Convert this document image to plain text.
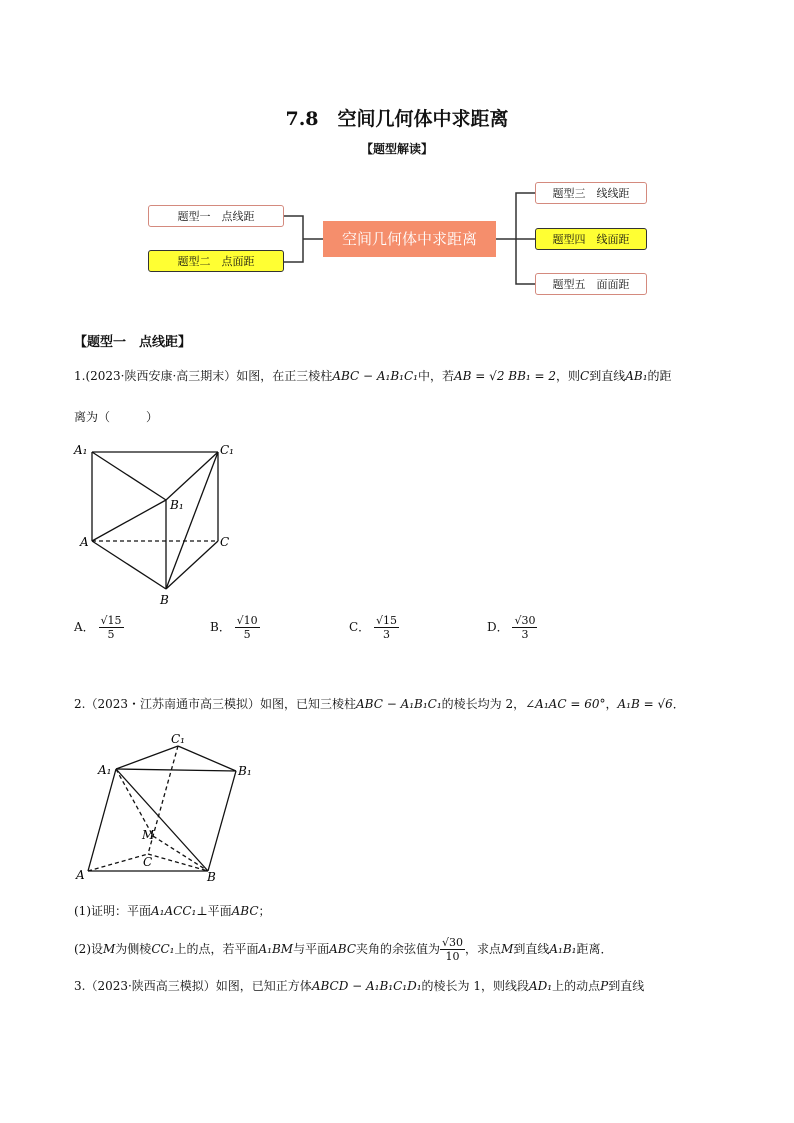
7.8　空间几何体中求距离
【题型解读】
题型一　点线距
题型二　点面距
空间几何体中求距离
题型三　线线距
题型四　线面距
题型五　面面距
【题型一　点线距】
1.(2023·陕西安康·高三期末）如图，在正三棱柱ABC − A₁B₁C₁中，若AB = √2 BB₁ = 2，则C到直线AB₁的距
离为（　　　）
A₁	C₁
B₁
A	C
B
A． $\frac{√15}{5}$	B． $\frac{√10}{5}$	C． $\frac{√15}{3}$	D． $\frac{√30}{3}$
2.（2023・江苏南通市高三模拟）如图，已知三棱柱ABC − A₁B₁C₁的棱长均为 2，∠A₁AC = 60°，A₁B = √6．
C₁
A₁	B₁
M
C
A	B
(1)证明：平面A₁ACC₁⊥平面ABC；
(2)设M为侧棱CC₁上的点，若平面A₁BM与平面ABC夹角的余弦值为 $\frac{√30}{10}$ ，求点M到直线A₁B₁距离．
3.（2023·陕西高三模拟）如图，已知正方体ABCD − A₁B₁C₁D₁的棱长为 1，则线段AD₁上的动点P到直线
